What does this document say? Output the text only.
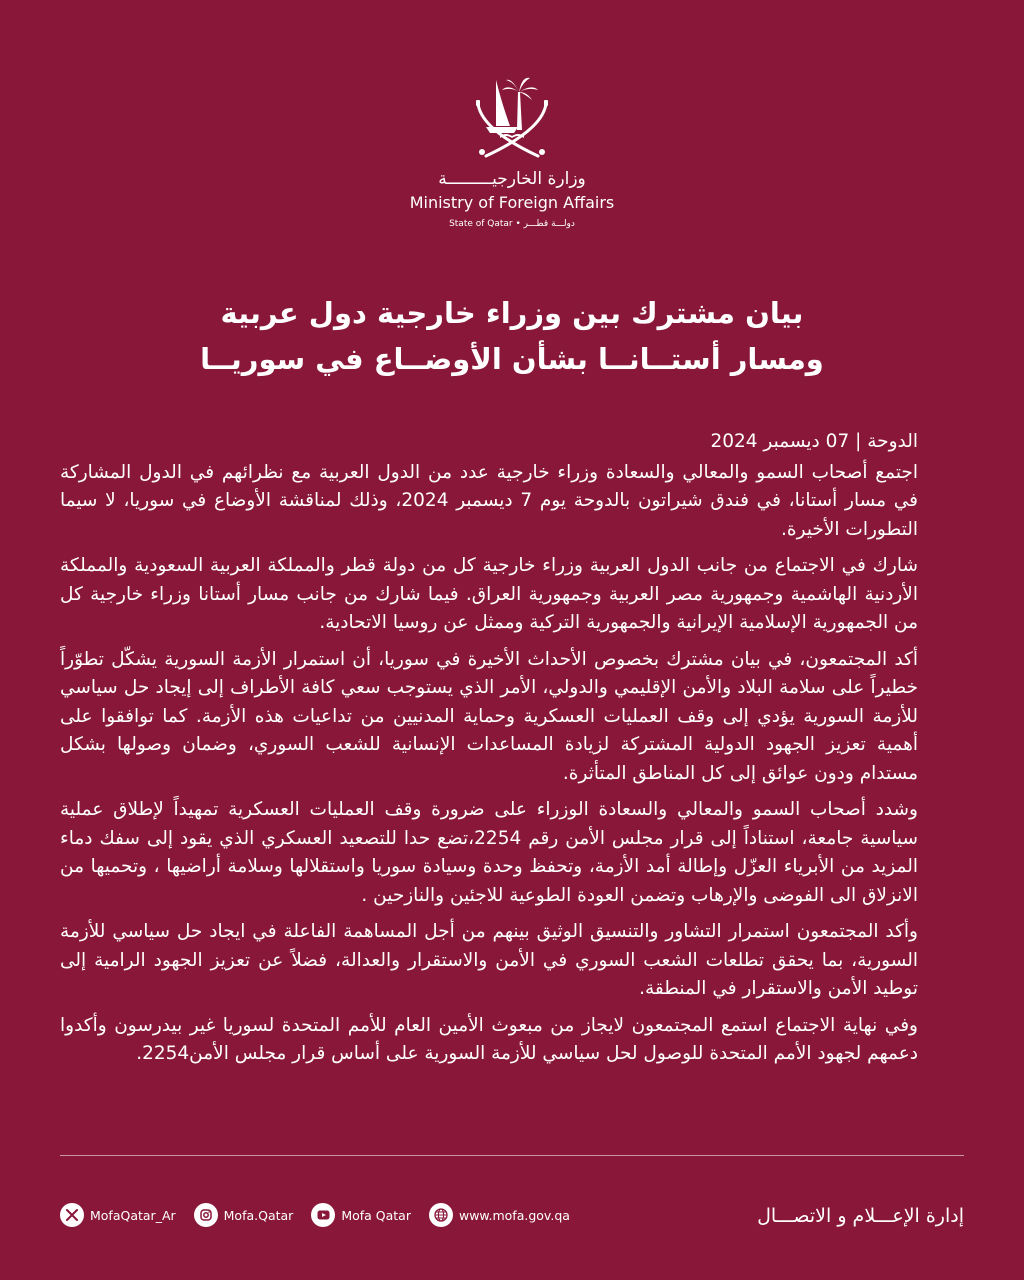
وزارة الخارجيـــــــــة
Ministry of Foreign Affairs
State of Qatar • دولـــة قطـــر
بيان مشترك بين وزراء خارجية دول عربية
ومسار أستــانــا بشأن الأوضــاع في سوريــا

الدوحة | 07 ديسمبر 2024

اجتمع أصحاب السمو والمعالي والسعادة وزراء خارجية عدد من الدول العربية مع نظرائهم في الدول المشاركة في مسار أستانا، في فندق شيراتون بالدوحة يوم 7 ديسمبر 2024، وذلك لمناقشة الأوضاع في سوريا، لا سيما التطورات الأخيرة.

شارك في الاجتماع من جانب الدول العربية وزراء خارجية كل من دولة قطر والمملكة العربية السعودية والمملكة الأردنية الهاشمية وجمهورية مصر العربية وجمهورية العراق. فيما شارك من جانب مسار أستانا وزراء خارجية كل من الجمهورية الإسلامية الإيرانية والجمهورية التركية وممثل عن روسيا الاتحادية.

أكد المجتمعون، في بيان مشترك بخصوص الأحداث الأخيرة في سوريا، أن استمرار الأزمة السورية يشكّل تطوّراً خطيراً على سلامة البلاد والأمن الإقليمي والدولي، الأمر الذي يستوجب سعي كافة الأطراف إلى إيجاد حل سياسي للأزمة السورية يؤدي إلى وقف العمليات العسكرية وحماية المدنيين من تداعيات هذه الأزمة. كما توافقوا على أهمية تعزيز الجهود الدولية المشتركة لزيادة المساعدات الإنسانية للشعب السوري، وضمان وصولها بشكل مستدام ودون عوائق إلى كل المناطق المتأثرة.

وشدد أصحاب السمو والمعالي والسعادة الوزراء على ضرورة وقف العمليات العسكرية تمهيداً لإطلاق عملية سياسية جامعة، استناداً إلى قرار مجلس الأمن رقم 2254،تضع حدا للتصعيد العسكري الذي يقود إلى سفك دماء المزيد من الأبرياء العزّل وإطالة أمد الأزمة، وتحفظ وحدة وسيادة سوريا واستقلالها وسلامة أراضيها ، وتحميها من الانزلاق الى الفوضى والإرهاب وتضمن العودة الطوعية للاجئين والنازحين .

وأكد المجتمعون استمرار التشاور والتنسيق الوثيق بينهم من أجل المساهمة الفاعلة في ايجاد حل سياسي للأزمة السورية، بما يحقق تطلعات الشعب السوري في الأمن والاستقرار والعدالة، فضلاً عن تعزيز الجهود الرامية إلى توطيد الأمن والاستقرار في المنطقة.

وفي نهاية الاجتماع استمع المجتمعون لايجاز من مبعوث الأمين العام للأمم المتحدة لسوريا غير بيدرسون وأكدوا دعمهم لجهود الأمم المتحدة للوصول لحل سياسي للأزمة السورية على أساس قرار مجلس الأمن2254.

MofaQatar_Ar	Mofa.Qatar	Mofa Qatar	www.mofa.gov.qa	إدارة الإعـــلام و الاتصـــال
